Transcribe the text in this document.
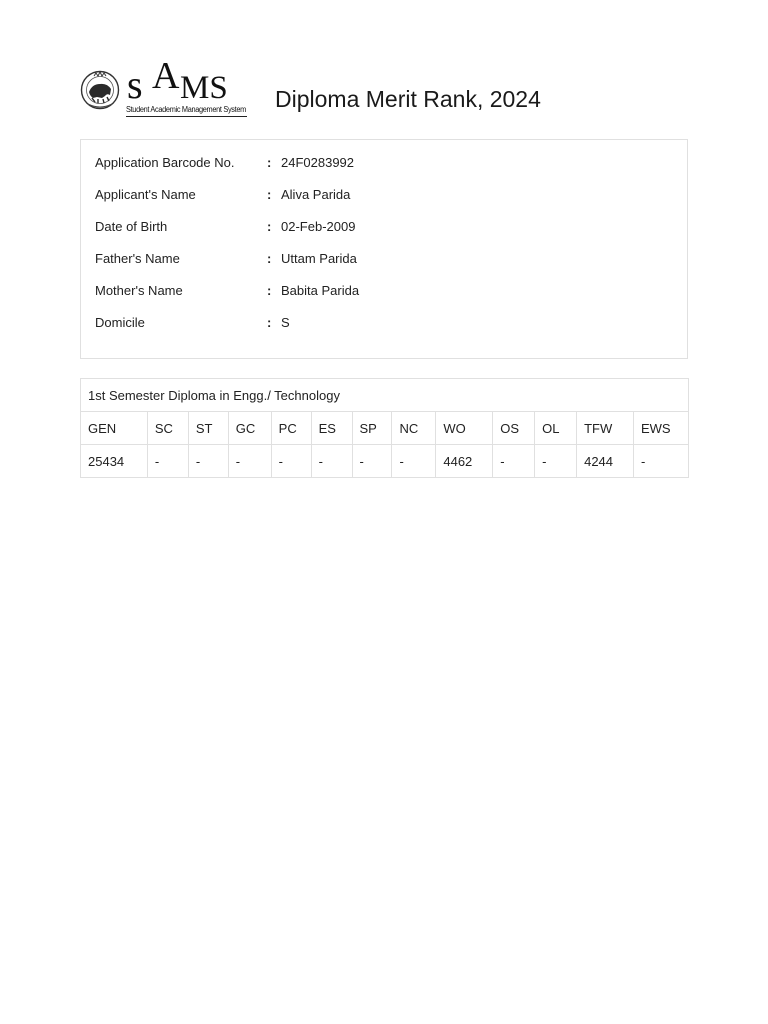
s A MS
Student Academic Management System Diploma Merit Rank, 2024
Application Barcode No.	: 24F0283992
Applicant's Name	: Aliva Parida
Date of Birth	: 02-Feb-2009
Father's Name	: Uttam Parida
Mother's Name	: Babita Parida
Domicile	: S
1st Semester Diploma in Engg./ Technology												
GEN	SC	ST	GC	PC	ES	SP	NC	WO	OS	OL	TFW	EWS
25434	-	-	-	-	-	-	-	4462	-	-	4244	-
